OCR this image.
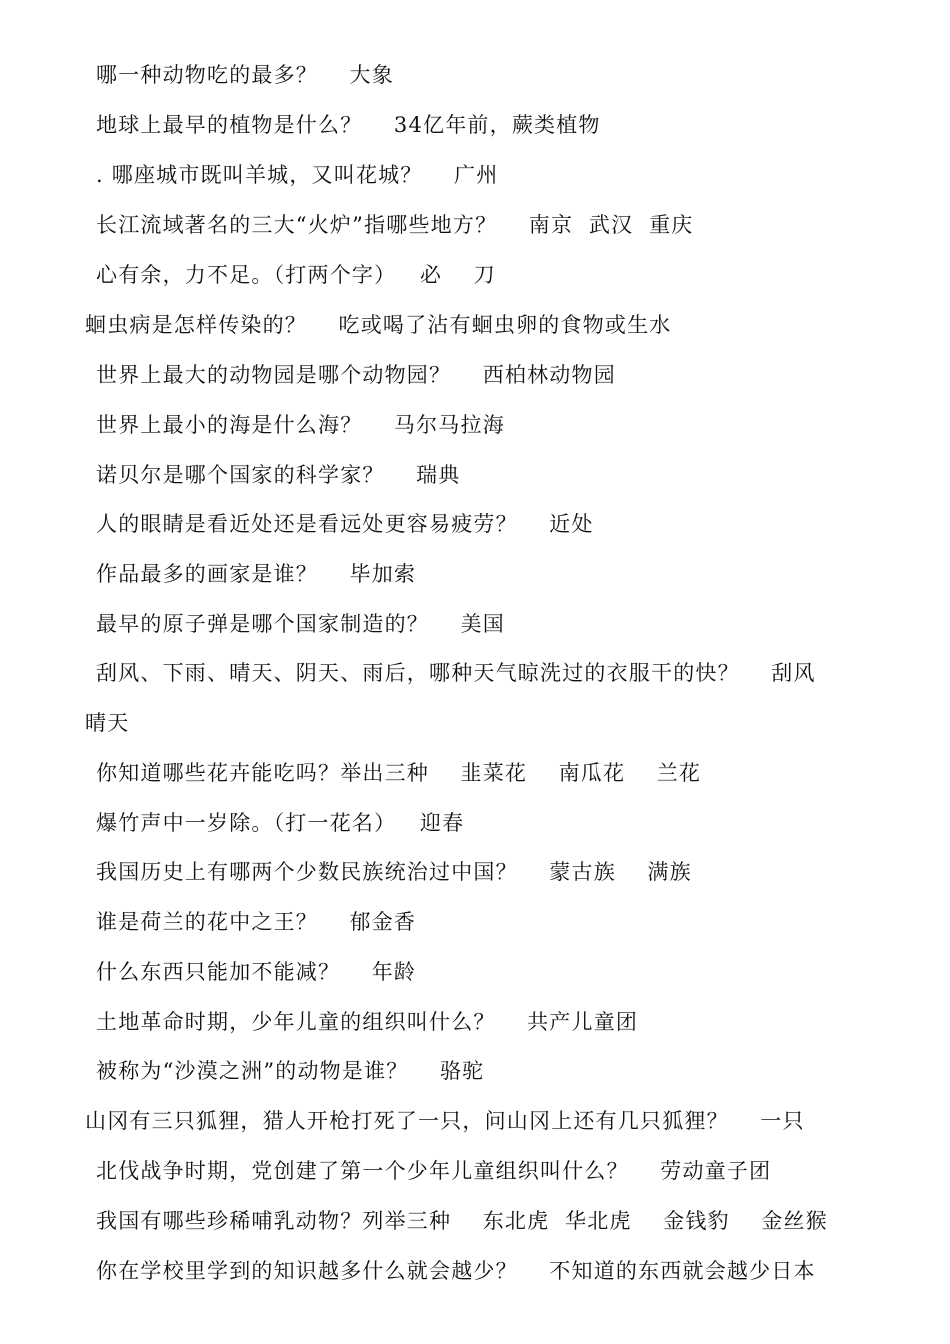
哪一种动物吃的最多？    大象
地球上最早的植物是什么？    34亿年前，蕨类植物
. 哪座城市既叫羊城，又叫花城？    广州
长江流域著名的三大“火炉”指哪些地方？    南京  武汉  重庆
心有余，力不足。（打两个字）   必    刀
蛔虫病是怎样传染的？    吃或喝了沾有蛔虫卵的食物或生水
世界上最大的动物园是哪个动物园？    西柏林动物园
世界上最小的海是什么海？    马尔马拉海
诺贝尔是哪个国家的科学家？    瑞典
人的眼睛是看近处还是看远处更容易疲劳？    近处
作品最多的画家是谁？    毕加索
最早的原子弹是哪个国家制造的？    美国
刮风、下雨、晴天、阴天、雨后，哪种天气晾洗过的衣服干的快？    刮风
晴天
你知道哪些花卉能吃吗？举出三种    韭菜花    南瓜花    兰花
爆竹声中一岁除。（打一花名）   迎春
我国历史上有哪两个少数民族统治过中国？    蒙古族    满族
谁是荷兰的花中之王？    郁金香
什么东西只能加不能减？    年龄
土地革命时期，少年儿童的组织叫什么？    共产儿童团
被称为“沙漠之洲”的动物是谁？    骆驼
山冈有三只狐狸，猎人开枪打死了一只，问山冈上还有几只狐狸？    一只
北伐战争时期，党创建了第一个少年儿童组织叫什么？    劳动童子团
我国有哪些珍稀哺乳动物？列举三种    东北虎  华北虎    金钱豹    金丝猴
你在学校里学到的知识越多什么就会越少？    不知道的东西就会越少日本
